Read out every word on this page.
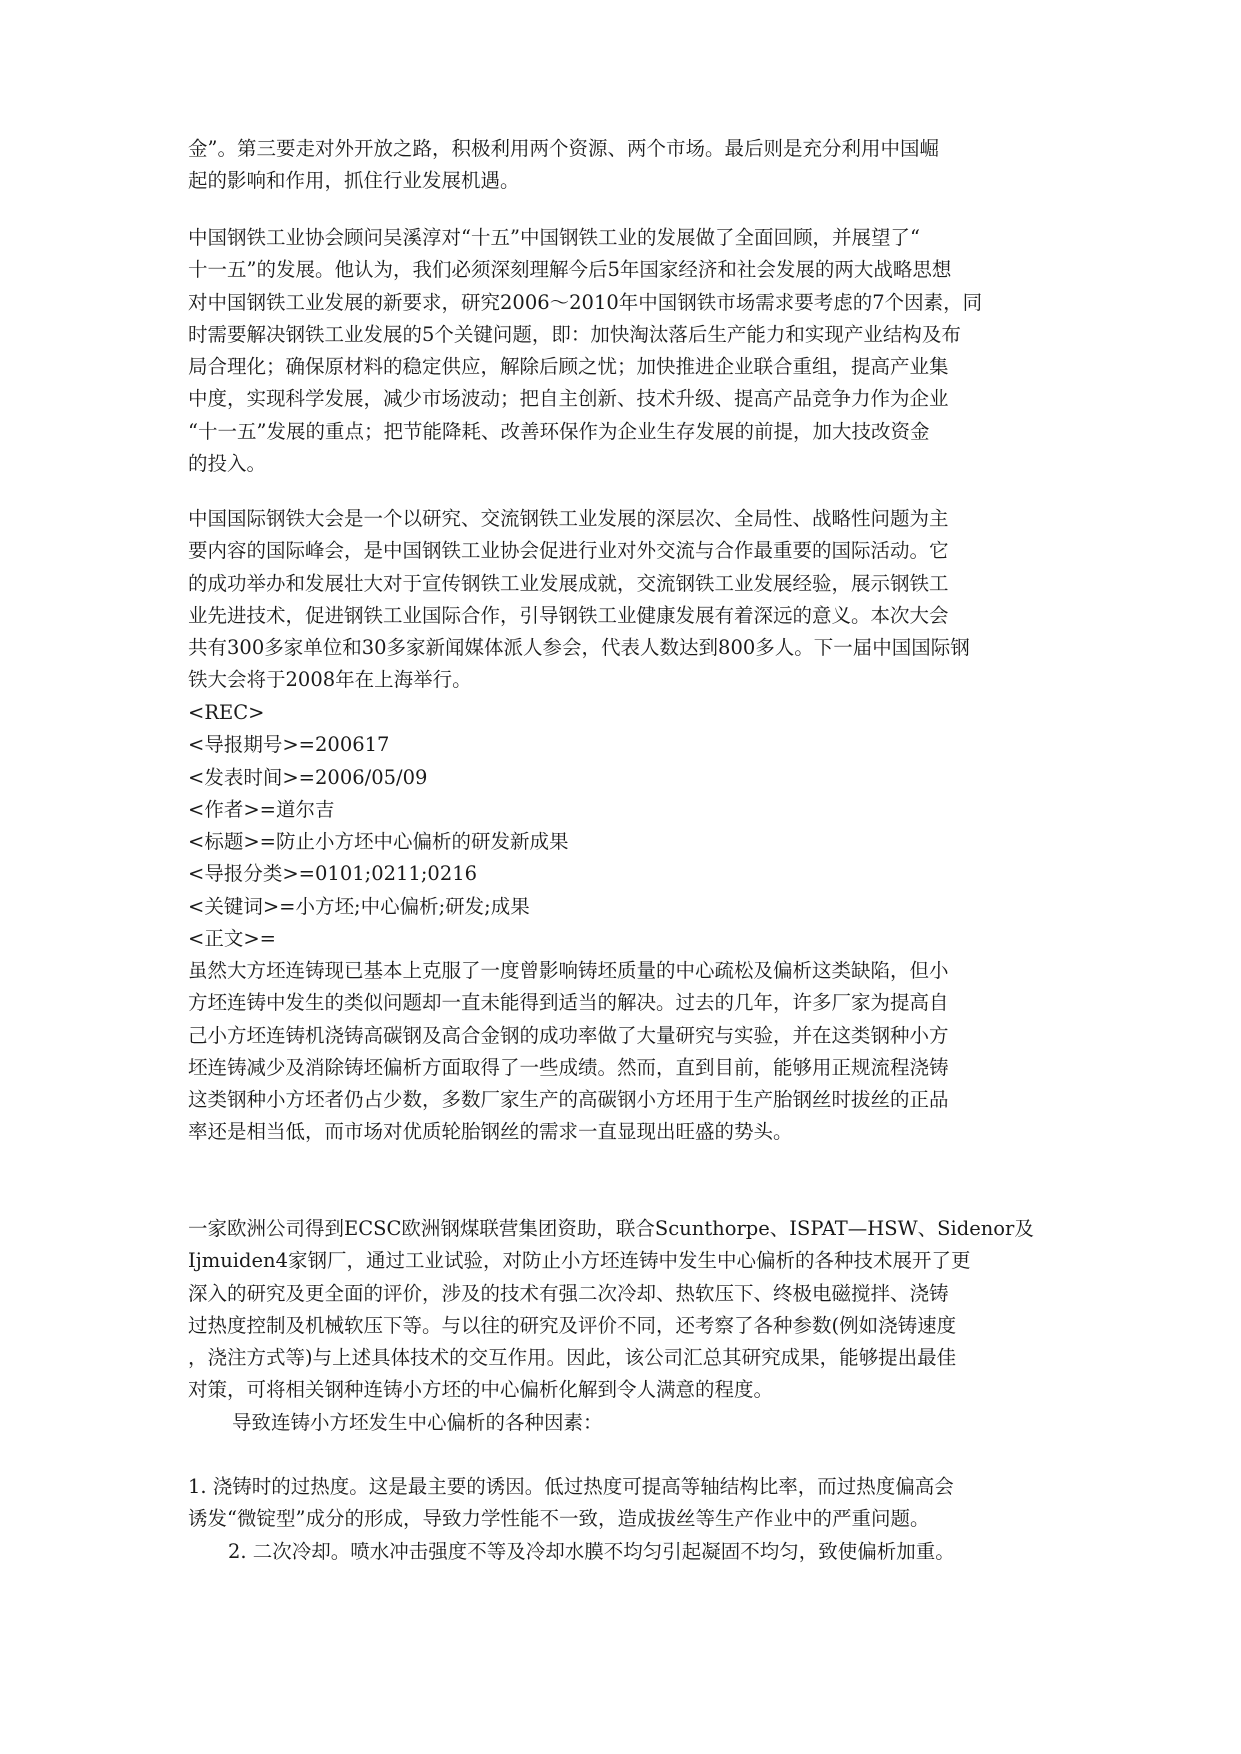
金”。第三要走对外开放之路，积极利用两个资源、两个市场。最后则是充分利用中国崛
起的影响和作用，抓住行业发展机遇。
中国钢铁工业协会顾问吴溪淳对“十五”中国钢铁工业的发展做了全面回顾，并展望了“
十一五”的发展。他认为，我们必须深刻理解今后5年国家经济和社会发展的两大战略思想
对中国钢铁工业发展的新要求，研究2006～2010年中国钢铁市场需求要考虑的7个因素，同
时需要解决钢铁工业发展的5个关键问题，即：加快淘汰落后生产能力和实现产业结构及布
局合理化；确保原材料的稳定供应，解除后顾之忧；加快推进企业联合重组，提高产业集
中度，实现科学发展，减少市场波动；把自主创新、技术升级、提高产品竞争力作为企业
“十一五”发展的重点；把节能降耗、改善环保作为企业生存发展的前提，加大技改资金
的投入。
中国国际钢铁大会是一个以研究、交流钢铁工业发展的深层次、全局性、战略性问题为主
要内容的国际峰会，是中国钢铁工业协会促进行业对外交流与合作最重要的国际活动。它
的成功举办和发展壮大对于宣传钢铁工业发展成就，交流钢铁工业发展经验，展示钢铁工
业先进技术，促进钢铁工业国际合作，引导钢铁工业健康发展有着深远的意义。本次大会
共有300多家单位和30多家新闻媒体派人参会，代表人数达到800多人。下一届中国国际钢
铁大会将于2008年在上海举行。
<REC>
<导报期号>=200617
<发表时间>=2006/05/09
<作者>=道尔吉
<标题>=防止小方坯中心偏析的研发新成果
<导报分类>=0101;0211;0216
<关键词>=小方坯;中心偏析;研发;成果
<正文>=
虽然大方坯连铸现已基本上克服了一度曾影响铸坯质量的中心疏松及偏析这类缺陷，但小
方坯连铸中发生的类似问题却一直未能得到适当的解决。过去的几年，许多厂家为提高自
己小方坯连铸机浇铸高碳钢及高合金钢的成功率做了大量研究与实验，并在这类钢种小方
坯连铸减少及消除铸坯偏析方面取得了一些成绩。然而，直到目前，能够用正规流程浇铸
这类钢种小方坯者仍占少数，多数厂家生产的高碳钢小方坯用于生产胎钢丝时拔丝的正品
率还是相当低，而市场对优质轮胎钢丝的需求一直显现出旺盛的势头。
一家欧洲公司得到ECSC欧洲钢煤联营集团资助，联合Scunthorpe、ISPAT—HSW、Sidenor及
Ijmuiden4家钢厂，通过工业试验，对防止小方坯连铸中发生中心偏析的各种技术展开了更
深入的研究及更全面的评价，涉及的技术有强二次冷却、热软压下、终极电磁搅拌、浇铸
过热度控制及机械软压下等。与以往的研究及评价不同，还考察了各种参数(例如浇铸速度
，浇注方式等)与上述具体技术的交互作用。因此，该公司汇总其研究成果，能够提出最佳
对策，可将相关钢种连铸小方坯的中心偏析化解到令人满意的程度。
导致连铸小方坯发生中心偏析的各种因素：
1. 浇铸时的过热度。这是最主要的诱因。低过热度可提高等轴结构比率，而过热度偏高会
诱发“微锭型”成分的形成，导致力学性能不一致，造成拔丝等生产作业中的严重问题。
2. 二次冷却。喷水冲击强度不等及冷却水膜不均匀引起凝固不均匀，致使偏析加重。
